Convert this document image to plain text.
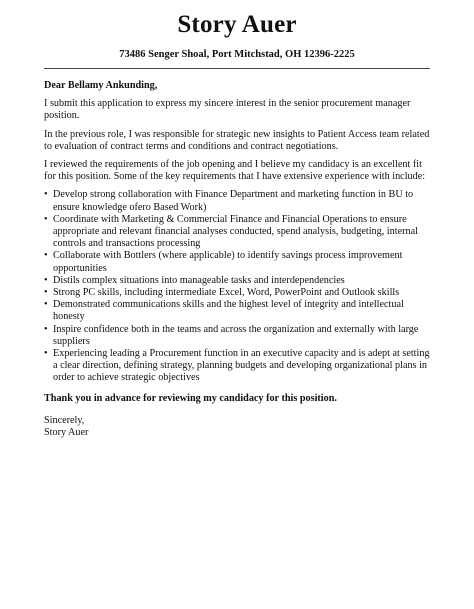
Story Auer
73486 Senger Shoal, Port Mitchstad, OH 12396-2225

Dear Bellamy Ankunding,

I submit this application to express my sincere interest in the senior procurement manager position.

In the previous role, I was responsible for strategic new insights to Patient Access team related to evaluation of contract terms and conditions and contract negotiations.

I reviewed the requirements of the job opening and I believe my candidacy is an excellent fit for this position. Some of the key requirements that I have extensive experience with include:

• Develop strong collaboration with Finance Department and marketing function in BU to ensure knowledge ofero Based Work)
• Coordinate with Marketing & Commercial Finance and Financial Operations to ensure appropriate and relevant financial analyses conducted, spend analysis, budgeting, internal controls and transactions processing
• Collaborate with Bottlers (where applicable) to identify savings process improvement opportunities
• Distils complex situations into manageable tasks and interdependencies
• Strong PC skills, including intermediate Excel, Word, PowerPoint and Outlook skills
• Demonstrated communications skills and the highest level of integrity and intellectual honesty
• Inspire confidence both in the teams and across the organization and externally with large suppliers
• Experiencing leading a Procurement function in an executive capacity and is adept at setting a clear direction, defining strategy, planning budgets and developing organizational plans in order to achieve strategic objectives

Thank you in advance for reviewing my candidacy for this position.

Sincerely,

Story Auer
